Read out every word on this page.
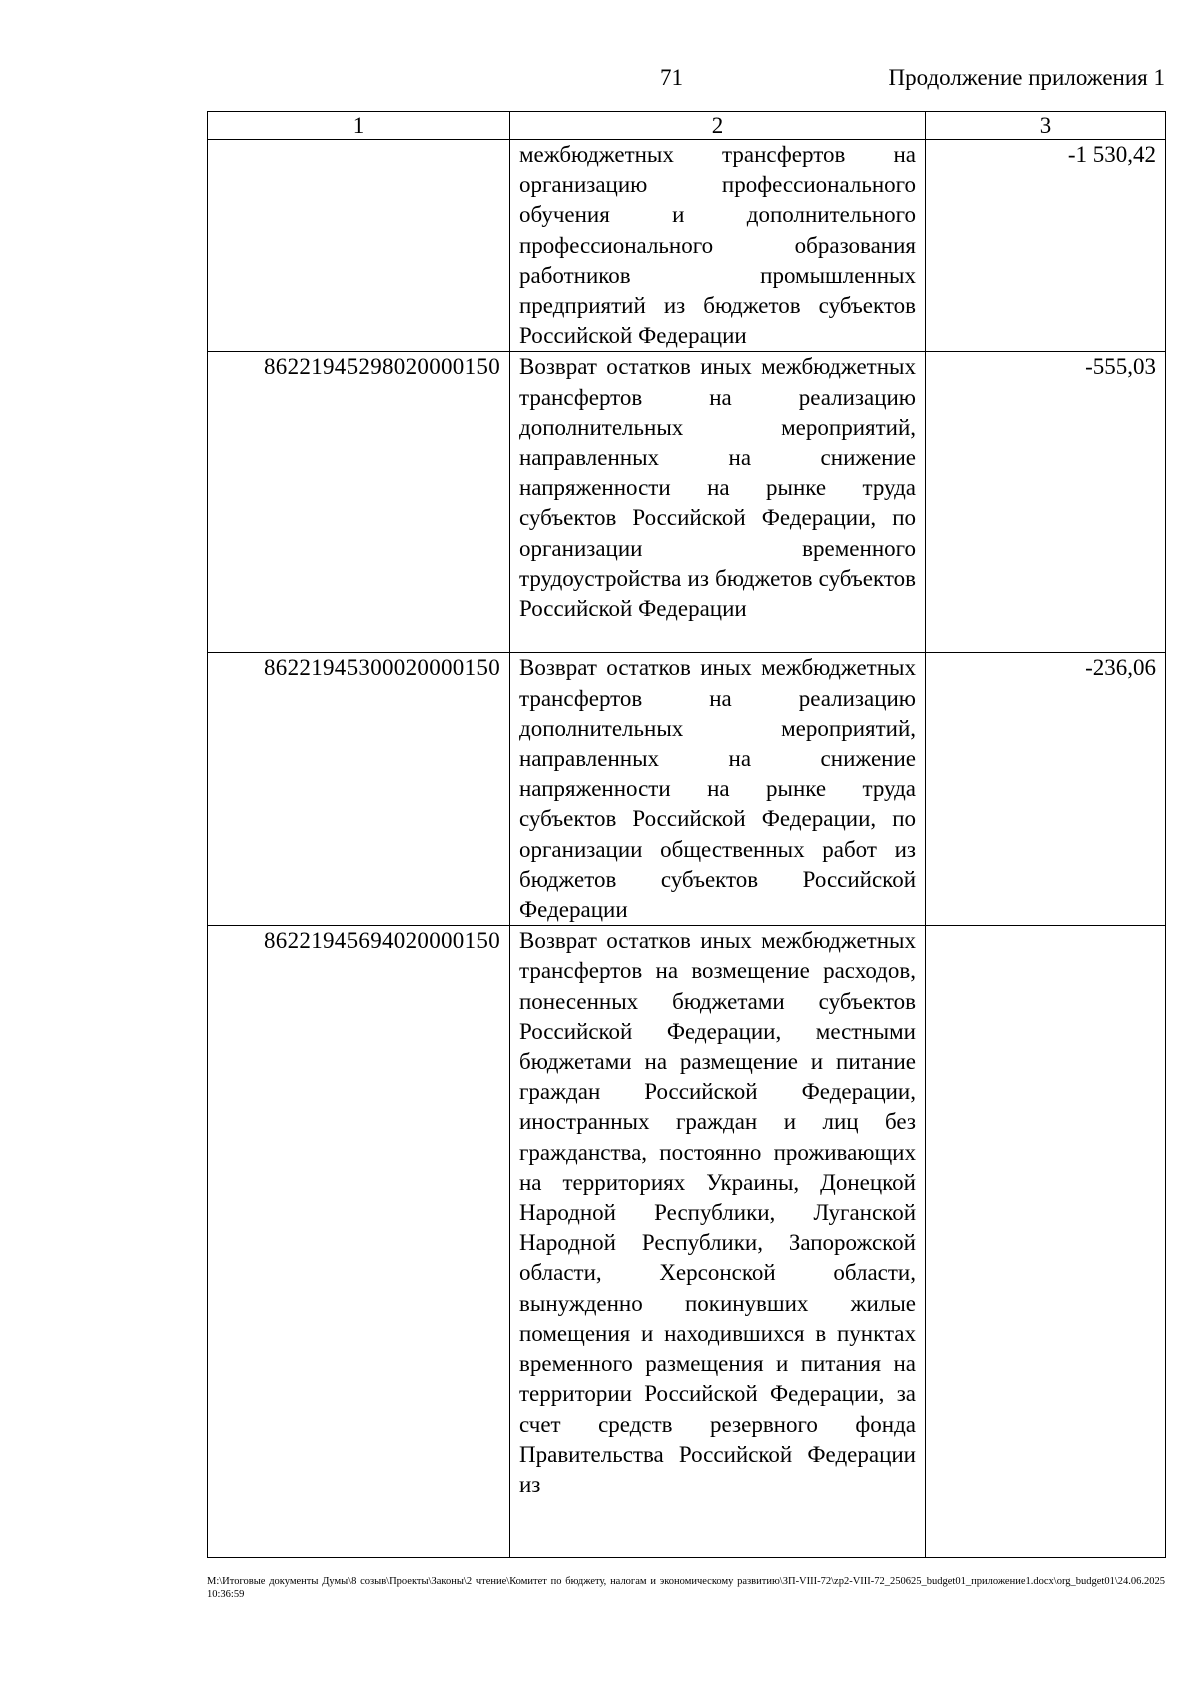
71	Продолжение приложения 1
1	2	3
	межбюджетных трансфертов на организацию профессионального обучения и дополнительного профессионального образования работников промышленных предприятий из бюджетов субъектов Российской Федерации	-1 530,42
86221945298020000150	Возврат остатков иных межбюджетных трансфертов на реализацию дополнительных мероприятий, направленных на снижение напряженности на рынке труда субъектов Российской Федерации, по организации временного трудоустройства из бюджетов субъектов Российской Федерации	-555,03
86221945300020000150	Возврат остатков иных межбюджетных трансфертов на реализацию дополнительных мероприятий, направленных на снижение напряженности на рынке труда субъектов Российской Федерации, по организации общественных работ из бюджетов субъектов Российской Федерации	-236,06
86221945694020000150	Возврат остатков иных межбюджетных трансфертов на возмещение расходов, понесенных бюджетами субъектов Российской Федерации, местными бюджетами на размещение и питание граждан Российской Федерации, иностранных граждан и лиц без гражданства, постоянно проживающих на территориях Украины, Донецкой Народной Республики, Луганской Народной Республики, Запорожской области, Херсонской области, вынужденно покинувших жилые помещения и находившихся в пунктах временного размещения и питания на территории Российской Федерации, за счет средств резервного фонда Правительства Российской Федерации из	
М:\Итоговые документы Думы\8 созыв\Проекты\Законы\2 чтение\Комитет по бюджету, налогам и экономическому развитию\ЗП-VIII-72\zp2-VIII-72_250625_budget01_приложение1.docx\org_budget01\24.06.2025 10:36:59
